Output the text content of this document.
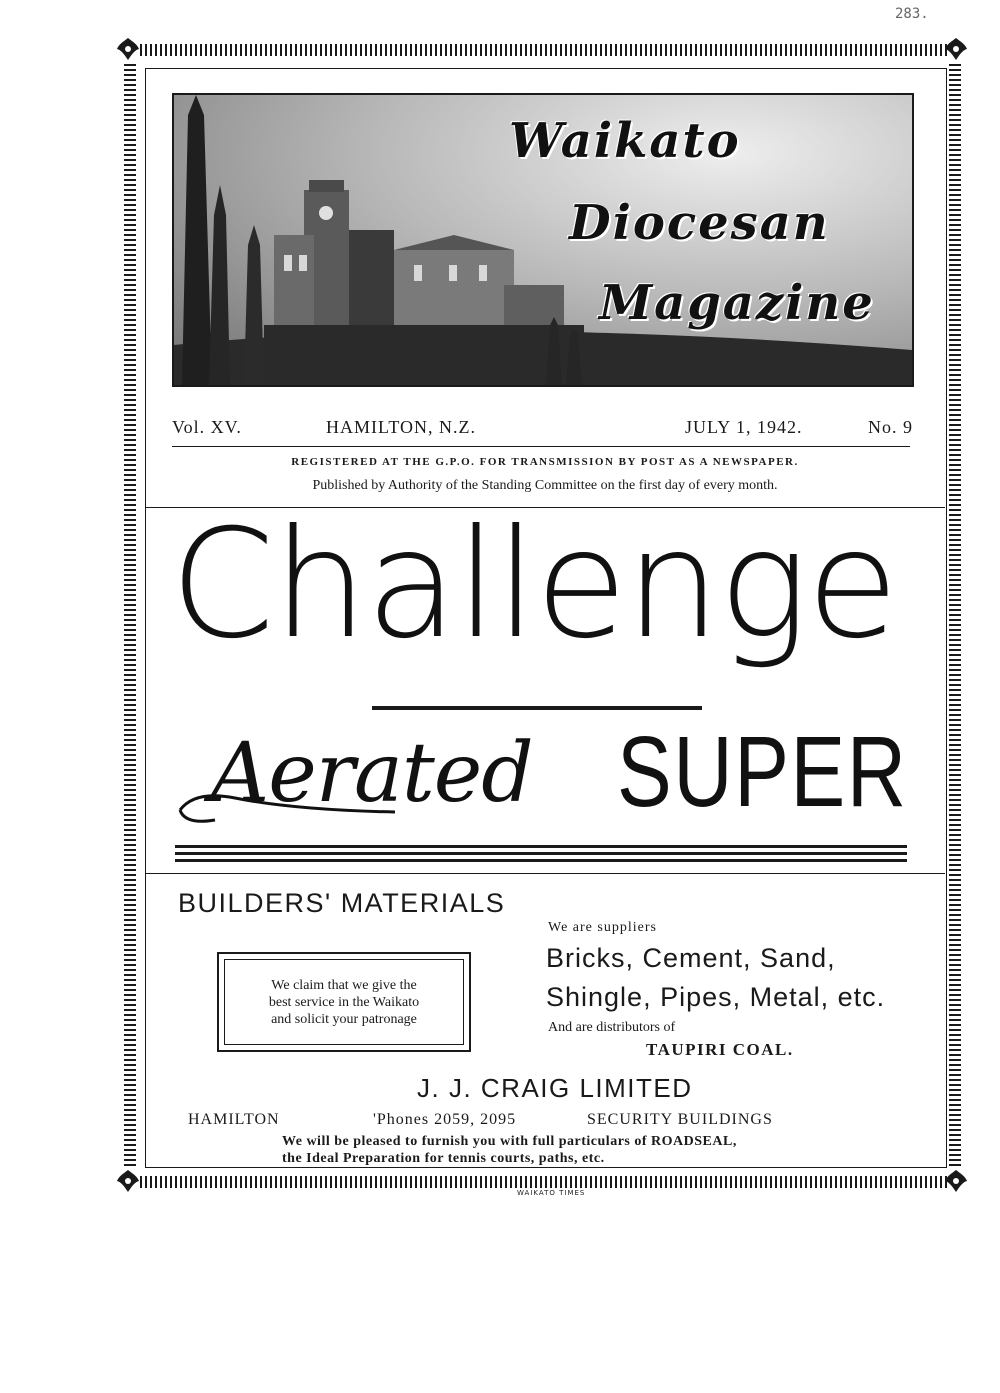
283.
Waikato
Diocesan
Magazine
Vol. XV.	HAMILTON, N.Z.	JULY 1, 1942.	No. 9
REGISTERED AT THE G.P.O. FOR TRANSMISSION BY POST AS A NEWSPAPER.
Published by Authority of the Standing Committee on the first day of every month.
Challenge
Aerated SUPER
BUILDERS' MATERIALS
We claim that we give the
best service in the Waikato
and solicit your patronage
We are suppliers
Bricks, Cement, Sand,
Shingle, Pipes, Metal, etc.
And are distributors of
TAUPIRI COAL.
J. J. CRAIG LIMITED
HAMILTON	'Phones 2059, 2095	SECURITY BUILDINGS
We will be pleased to furnish you with full particulars of ROADSEAL,
the Ideal Preparation for tennis courts, paths, etc.
WAIKATO TIMES
